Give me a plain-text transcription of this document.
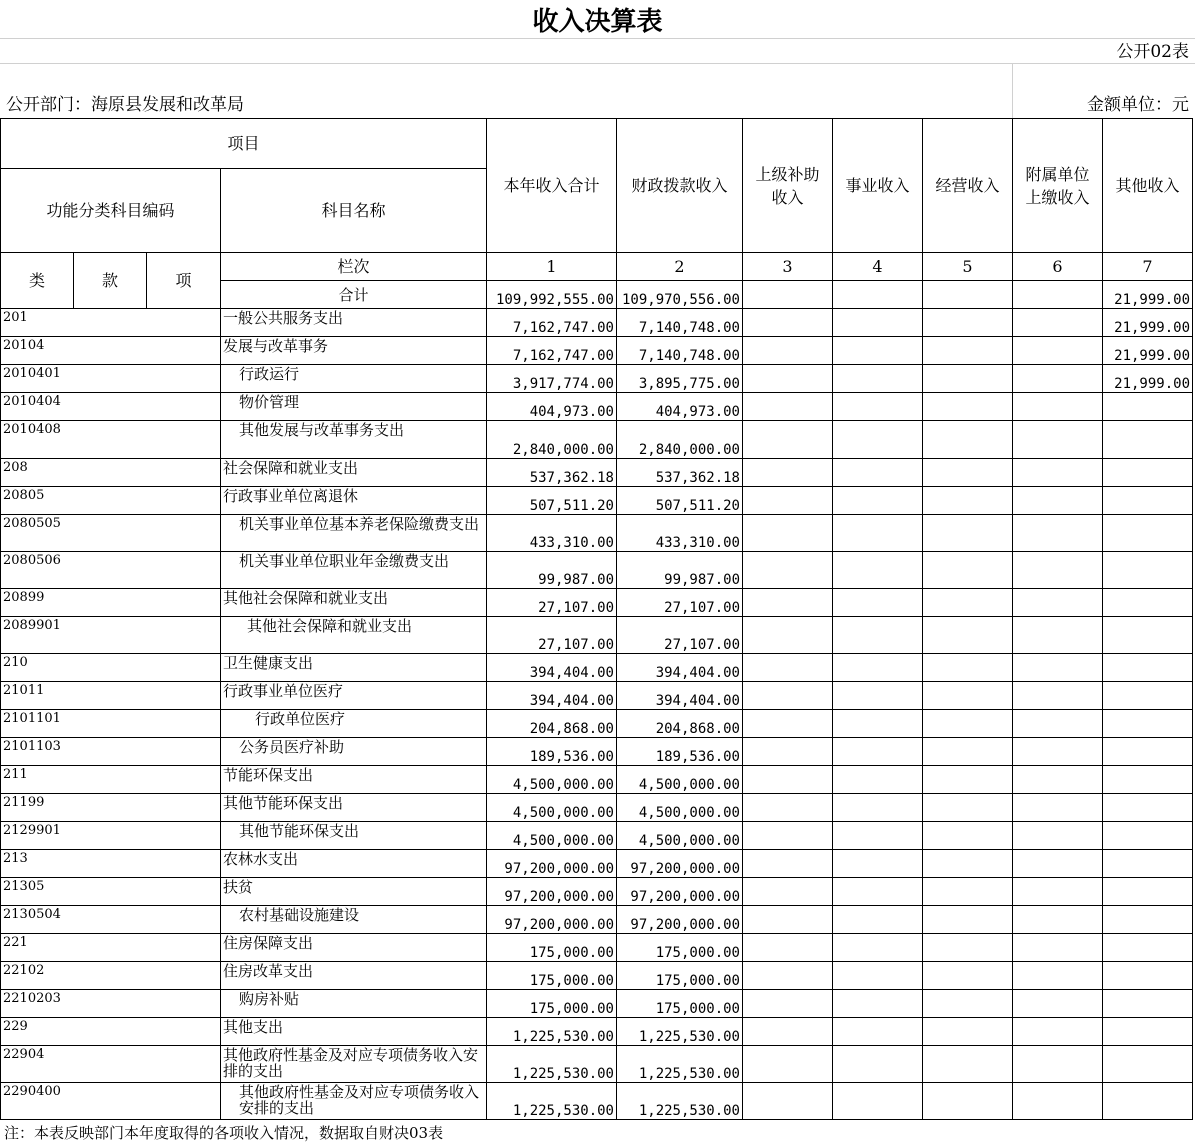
收入决算表
公开02表
公开部门：海原县发展和改革局	金额单位：元
项目				本年收入合计	财政拨款收入	上级补助收入	事业收入	经营收入	附属单位上缴收入	其他收入
功能分类科目编码			科目名称							
类	款	项	栏次	1	2	3	4	5	6	7
			合计	109,992,555.00	109,970,556.00					21,999.00
201			一般公共服务支出	7,162,747.00	7,140,748.00					21,999.00
20104			发展与改革事务	7,162,747.00	7,140,748.00					21,999.00
2010401			行政运行	3,917,774.00	3,895,775.00					21,999.00
2010404			物价管理	404,973.00	404,973.00					
2010408			其他发展与改革事务支出	2,840,000.00	2,840,000.00					
208			社会保障和就业支出	537,362.18	537,362.18					
20805			行政事业单位离退休	507,511.20	507,511.20					
2080505			机关事业单位基本养老保险缴费支出	433,310.00	433,310.00					
2080506			机关事业单位职业年金缴费支出	99,987.00	99,987.00					
20899			其他社会保障和就业支出	27,107.00	27,107.00					
2089901			其他社会保障和就业支出	27,107.00	27,107.00					
210			卫生健康支出	394,404.00	394,404.00					
21011			行政事业单位医疗	394,404.00	394,404.00					
2101101			行政单位医疗	204,868.00	204,868.00					
2101103			公务员医疗补助	189,536.00	189,536.00					
211			节能环保支出	4,500,000.00	4,500,000.00					
21199			其他节能环保支出	4,500,000.00	4,500,000.00					
2129901			其他节能环保支出	4,500,000.00	4,500,000.00					
213			农林水支出	97,200,000.00	97,200,000.00					
21305			扶贫	97,200,000.00	97,200,000.00					
2130504			农村基础设施建设	97,200,000.00	97,200,000.00					
221			住房保障支出	175,000.00	175,000.00					
22102			住房改革支出	175,000.00	175,000.00					
2210203			购房补贴	175,000.00	175,000.00					
229			其他支出	1,225,530.00	1,225,530.00					
22904			其他政府性基金及对应专项债务收入安排的支出	1,225,530.00	1,225,530.00					
2290400			其他政府性基金及对应专项债务收入安排的支出	1,225,530.00	1,225,530.00					
注：本表反映部门本年度取得的各项收入情况，数据取自财决03表
